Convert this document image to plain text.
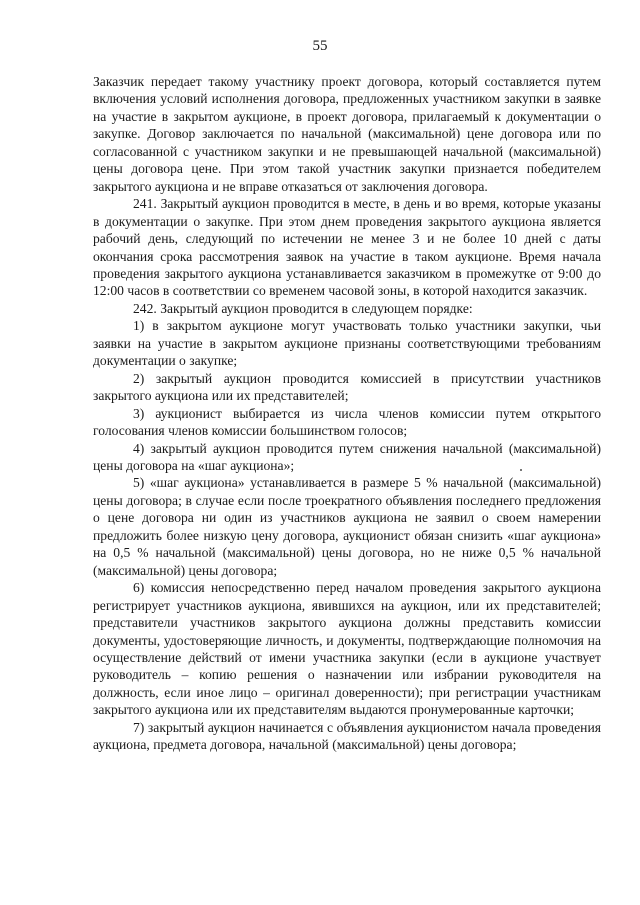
55

Заказчик передает такому участнику проект договора, который составляется путем включения условий исполнения договора, предложенных участником закупки в заявке на участие в закрытом аукционе, в проект договора, прилагаемый к документации о закупке. Договор заключается по начальной (максимальной) цене договора или по согласованной с участником закупки и не превышающей начальной (максимальной) цены договора цене. При этом такой участник закупки признается победителем закрытого аукциона и не вправе отказаться от заключения договора.

241. Закрытый аукцион проводится в месте, в день и во время, которые указаны в документации о закупке. При этом днем проведения закрытого аукциона является рабочий день, следующий по истечении не менее 3 и не более 10 дней с даты окончания срока рассмотрения заявок на участие в таком аукционе. Время начала проведения закрытого аукциона устанавливается заказчиком в промежутке от 9:00 до 12:00 часов в соответствии со временем часовой зоны, в которой находится заказчик.

242. Закрытый аукцион проводится в следующем порядке:

1) в закрытом аукционе могут участвовать только участники закупки, чьи заявки на участие в закрытом аукционе признаны соответствующими требованиям документации о закупке;

2) закрытый аукцион проводится комиссией в присутствии участников закрытого аукциона или их представителей;

3) аукционист выбирается из числа членов комиссии путем открытого голосования членов комиссии большинством голосов;

4) закрытый аукцион проводится путем снижения начальной (максимальной) цены договора на «шаг аукциона»;

5) «шаг аукциона» устанавливается в размере 5 % начальной (максимальной) цены договора; в случае если после троекратного объявления последнего предложения о цене договора ни один из участников аукциона не заявил о своем намерении предложить более низкую цену договора, аукционист обязан снизить «шаг аукциона» на 0,5 % начальной (максимальной) цены договора, но не ниже 0,5 % начальной (максимальной) цены договора;

6) комиссия непосредственно перед началом проведения закрытого аукциона регистрирует участников аукциона, явившихся на аукцион, или их представителей; представители участников закрытого аукциона должны представить комиссии документы, удостоверяющие личность, и документы, подтверждающие полномочия на осуществление действий от имени участника закупки (если в аукционе участвует руководитель – копию решения о назначении или избрании руководителя на должность, если иное лицо – оригинал доверенности); при регистрации участникам закрытого аукциона или их представителям выдаются пронумерованные карточки;

7) закрытый аукцион начинается с объявления аукционистом начала проведения аукциона, предмета договора, начальной (максимальной) цены договора;
